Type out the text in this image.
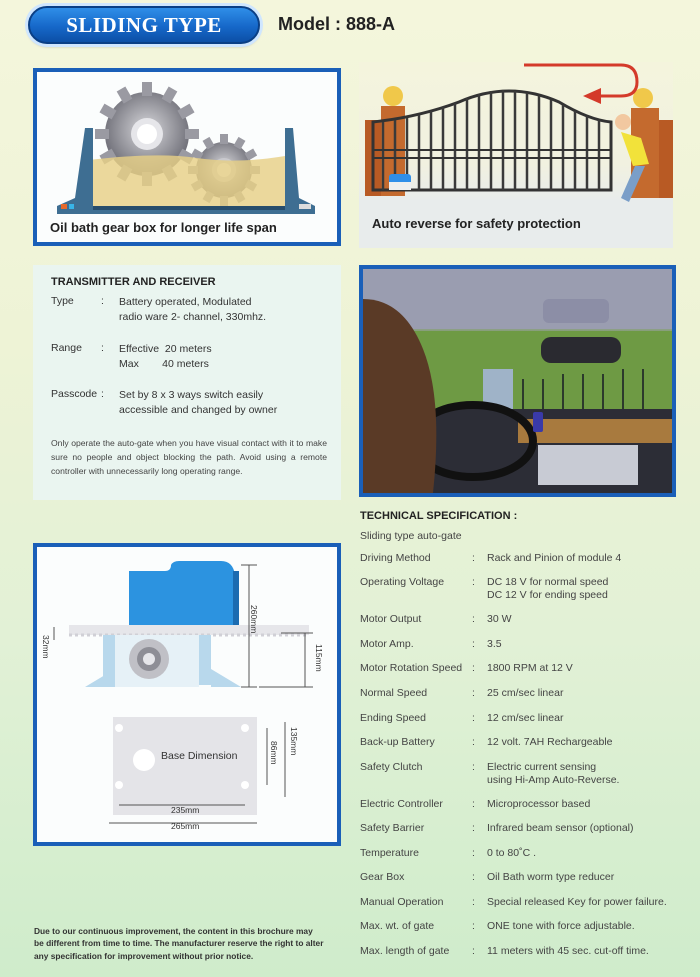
SLIDING TYPE	Model : 888-A
Oil bath gear box for longer life span	Auto reverse for safety protection
TRANSMITTER AND RECEIVER
Type	:	Battery operated, Modulated
radio ware 2- channel, 330mhz.
Range	:	Effective  20 meters
Max        40 meters
Passcode :	Set by 8 x 3 ways switch easily
accessible and changed by owner
Only operate the auto-gate when you have visual contact with it to make sure no people and object blocking the path. Avoid using a remote controller with unnecessarily long operating range.
260mm
32mm	115mm
Base Dimension	86mm 135mm
235mm
265mm
TECHNICAL SPECIFICATION :
Sliding type auto-gate
Driving Method	:	Rack and Pinion of module 4
Operating Voltage	:	DC 18 V for normal speed
DC 12 V for ending speed
Motor Output	:	30 W
Motor Amp.	:	3.5
Motor Rotation Speed :	1800 RPM at 12 V
Normal Speed	:	25 cm/sec linear
Ending Speed	:	12 cm/sec linear
Back-up Battery	:	12 volt. 7AH Rechargeable
Safety Clutch	:	Electric current sensing
using Hi-Amp Auto-Reverse.
Electric Controller	:	Microprocessor based
Safety Barrier	:	Infrared beam sensor (optional)
Temperature	:	0 to 80˚C .
Gear Box	:	Oil Bath worm type reducer
Manual Operation	:	Special released Key for power failure.
Max. wt. of gate	:	ONE tone with force adjustable.
Max. length of gate	:	11 meters with 45 sec. cut-off time.
Due to our continuous improvement, the content in this brochure may be different from time to time. The manufacturer reserve the right to alter any specification for improvement without prior notice.
